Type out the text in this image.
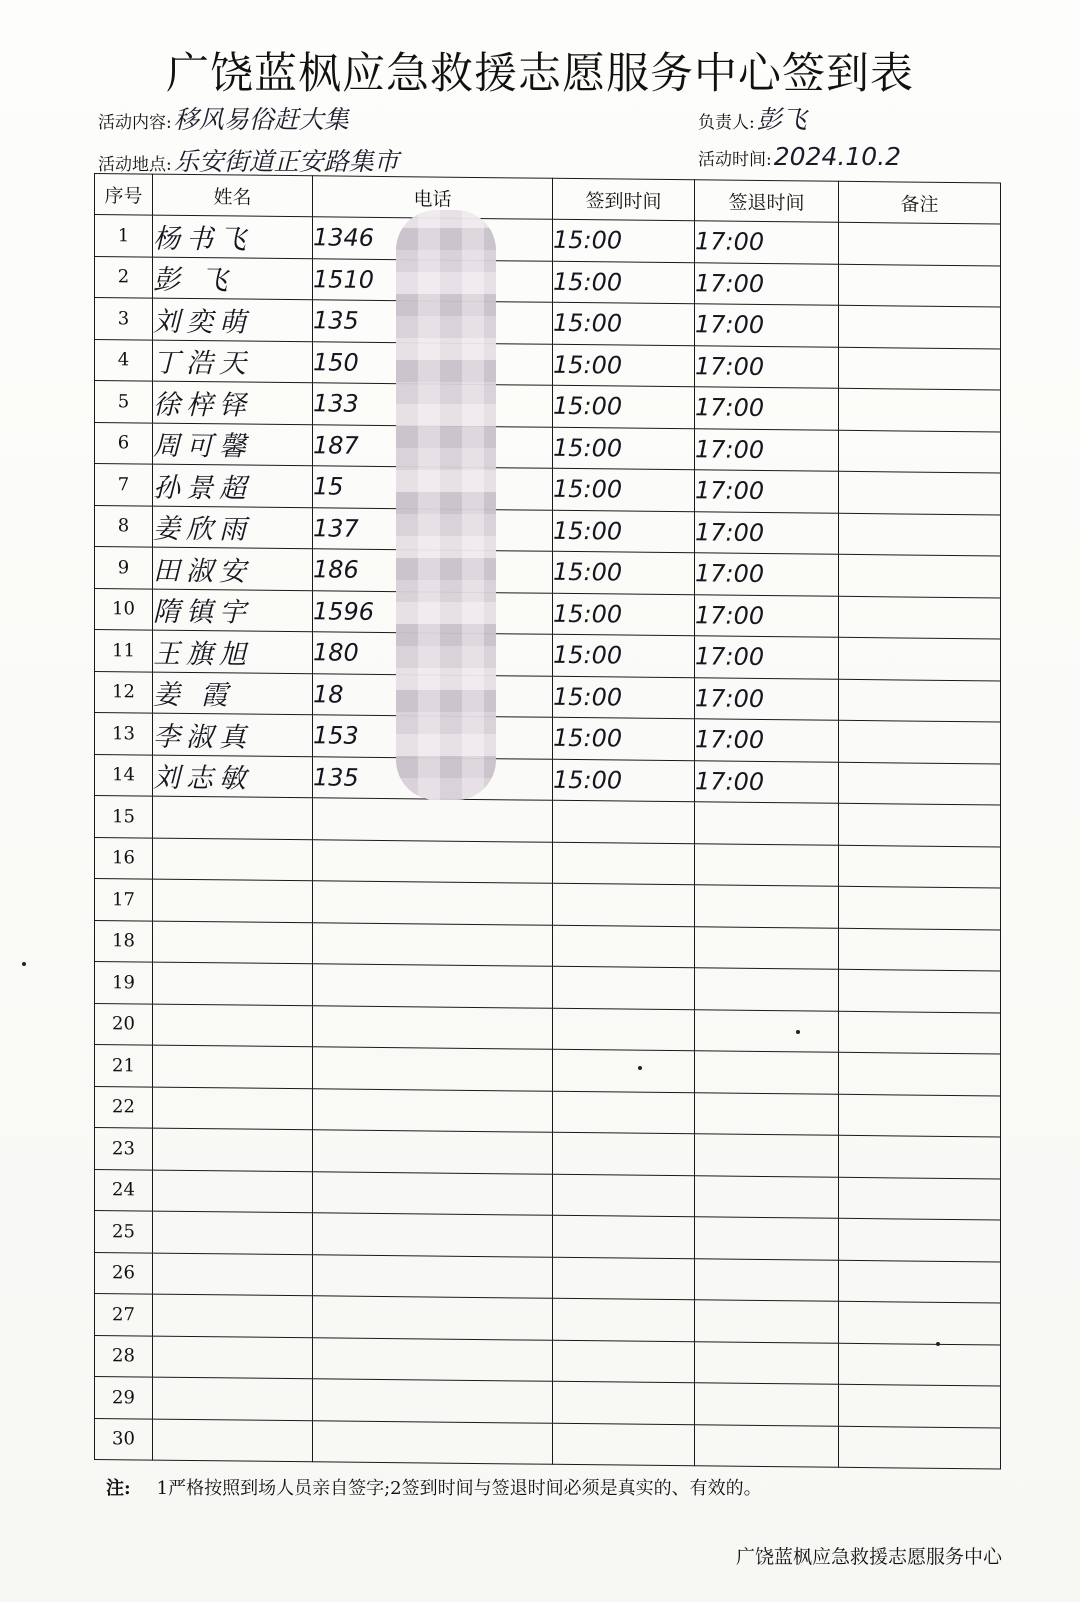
广饶蓝枫应急救援志愿服务中心签到表
活动内容:移风易俗赶大集	负责人:彭飞
活动地点:乐安街道正安路集市	活动时间:2024.10.2
序号	姓名	电话	签到时间	签退时间	备注
1	杨书飞	1346	15:00	17:00	
2	彭 飞	1510	15:00	17:00	
3	刘奕萌	135	15:00	17:00	
4	丁浩天	150	15:00	17:00	
5	徐梓铎	133	15:00	17:00	
6	周可馨	187	15:00	17:00	
7	孙景超	15	15:00	17:00	
8	姜欣雨	137	15:00	17:00	
9	田淑安	186	15:00	17:00	
10	隋镇宇	1596	15:00	17:00	
11	王旗旭	180	15:00	17:00	
12	姜 霞	18	15:00	17:00	
13	李淑真	153	15:00	17:00	
14	刘志敏	135	15:00	17:00	
15					
16					
17					
18					
19					
20					
21					
22					
23					
24					
25					
26					
27					
28					
29					
30					
注: 1严格按照到场人员亲自签字;2签到时间与签退时间必须是真实的、有效的。
广饶蓝枫应急救援志愿服务中心
